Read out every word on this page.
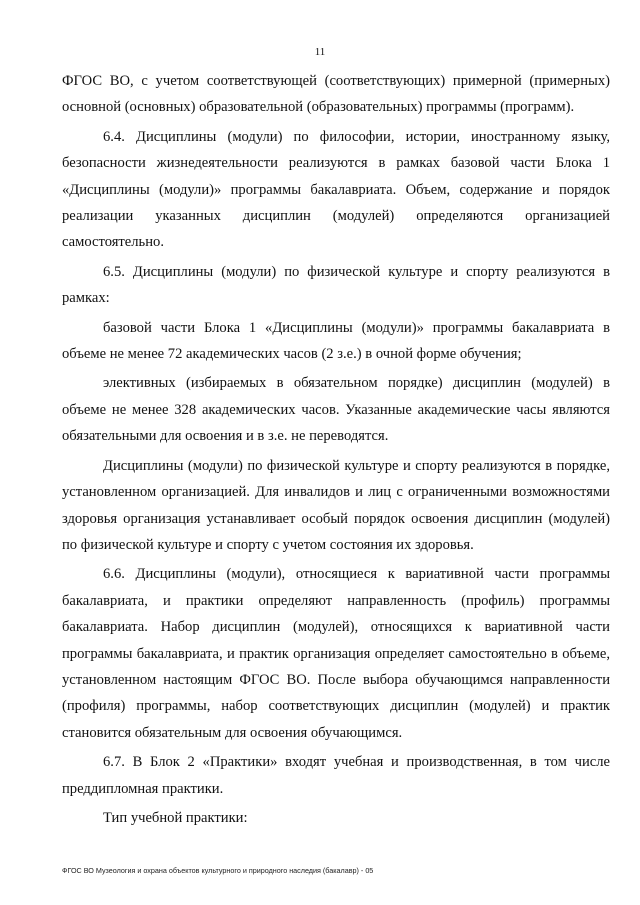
11

ФГОС ВО, с учетом соответствующей (соответствующих) примерной (примерных) основной (основных) образовательной (образовательных) программы (программ).

6.4. Дисциплины (модули) по философии, истории, иностранному языку, безопасности жизнедеятельности реализуются в рамках базовой части Блока 1 «Дисциплины (модули)» программы бакалавриата. Объем, содержание и порядок реализации указанных дисциплин (модулей) определяются организацией самостоятельно.

6.5. Дисциплины (модули) по физической культуре и спорту реализуются в рамках:

базовой части Блока 1 «Дисциплины (модули)» программы бакалавриата в объеме не менее 72 академических часов (2 з.е.) в очной форме обучения;

элективных (избираемых в обязательном порядке) дисциплин (модулей) в объеме не менее 328 академических часов. Указанные академические часы являются обязательными для освоения и в з.е. не переводятся.

Дисциплины (модули) по физической культуре и спорту реализуются в порядке, установленном организацией. Для инвалидов и лиц с ограниченными возможностями здоровья организация устанавливает особый порядок освоения дисциплин (модулей) по физической культуре и спорту с учетом состояния их здоровья.

6.6. Дисциплины (модули), относящиеся к вариативной части программы бакалавриата, и практики определяют направленность (профиль) программы бакалавриата. Набор дисциплин (модулей), относящихся к вариативной части программы бакалавриата, и практик организация определяет самостоятельно в объеме, установленном настоящим ФГОС ВО. После выбора обучающимся направленности (профиля) программы, набор соответствующих дисциплин (модулей) и практик становится обязательным для освоения обучающимся.

6.7. В Блок 2 «Практики» входят учебная и производственная, в том числе преддипломная практики.

Тип учебной практики:

ФГОС ВО Музеология и охрана объектов культурного и природного наследия (бакалавр) - 05
